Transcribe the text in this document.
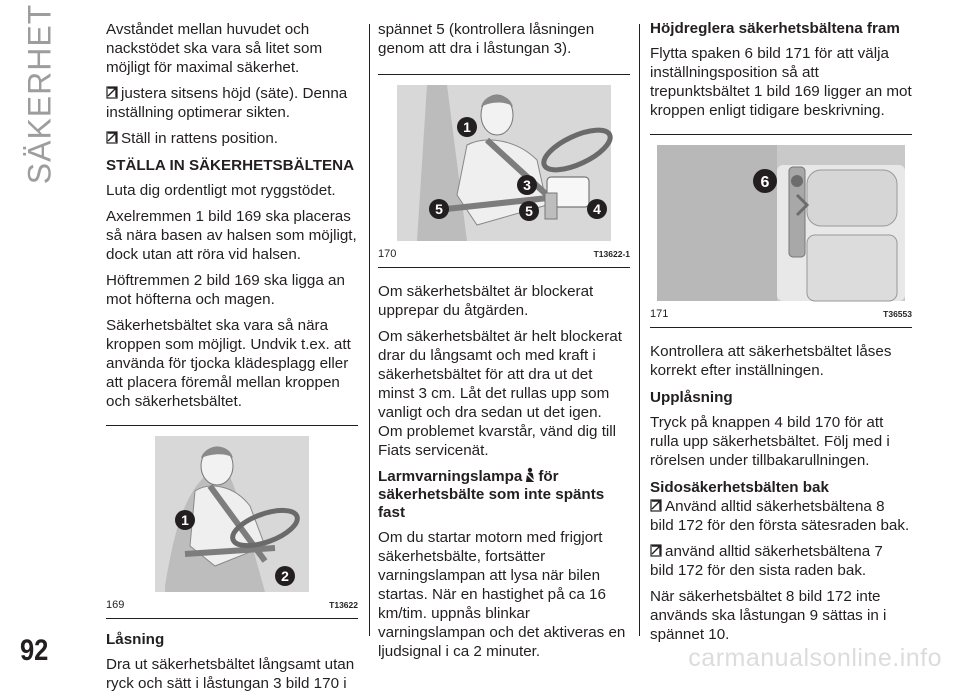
SÄKERHET
92

Avståndet mellan huvudet och nackstödet ska vara så litet som möjligt för maximal säkerhet.

justera sitsens höjd (säte). Denna inställning optimerar sikten.

Ställ in rattens position.

STÄLLA IN SÄKERHETSBÄLTENA

Luta dig ordentligt mot ryggstödet.

Axelremmen 1 bild 169 ska placeras så nära basen av halsen som möjligt, dock utan att röra vid halsen.

Höftremmen 2 bild 169 ska ligga an mot höfterna och magen.

Säkerhetsbältet ska vara så nära kroppen som möjligt. Undvik t.ex. att använda för tjocka klädesplagg eller att placera föremål mellan kroppen och säkerhetsbältet.

1
2
169	T13622
Låsning

Dra ut säkerhetsbältet långsamt utan ryck och sätt i låstungan 3 bild 170 i

spännet 5 (kontrollera låsningen genom att dra i låstungan 3).

1
3
5	5	4
170	T13622-1

Om säkerhetsbältet är blockerat upprepar du åtgärden.

Om säkerhetsbältet är helt blockerat drar du långsamt och med kraft i säkerhetsbältet för att dra ut det minst 3 cm. Låt det rullas upp som vanligt och dra sedan ut det igen. Om problemet kvarstår, vänd dig till Fiats servicenät.

Larmvarningslampa för
säkerhetsbälte som inte spänts fast

Om du startar motorn med frigjort säkerhetsbälte, fortsätter varningslampan att lysa när bilen startas. När en hastighet på ca 16 km/tim. uppnås blinkar varningslampan och det aktiveras en ljudsignal i ca 2 minuter.

Höjdreglera säkerhetsbältena fram

Flytta spaken 6 bild 171 för att välja inställningsposition så att trepunktsbältet 1 bild 169 ligger an mot kroppen enligt tidigare beskrivning.

6
171	T36553

Kontrollera att säkerhetsbältet låses korrekt efter inställningen.

Upplåsning

Tryck på knappen 4 bild 170 för att rulla upp säkerhetsbältet. Följ med i rörelsen under tillbakarullningen.

Sidosäkerhetsbälten bak

Använd alltid säkerhetsbältena 8

bild 172 för den första sätesraden bak.

använd alltid säkerhetsbältena 7

bild 172 för den sista raden bak.

När säkerhetsbältet 8 bild 172 inte används ska låstungan 9 sättas in i spännet 10.

carmanualsonline.info
